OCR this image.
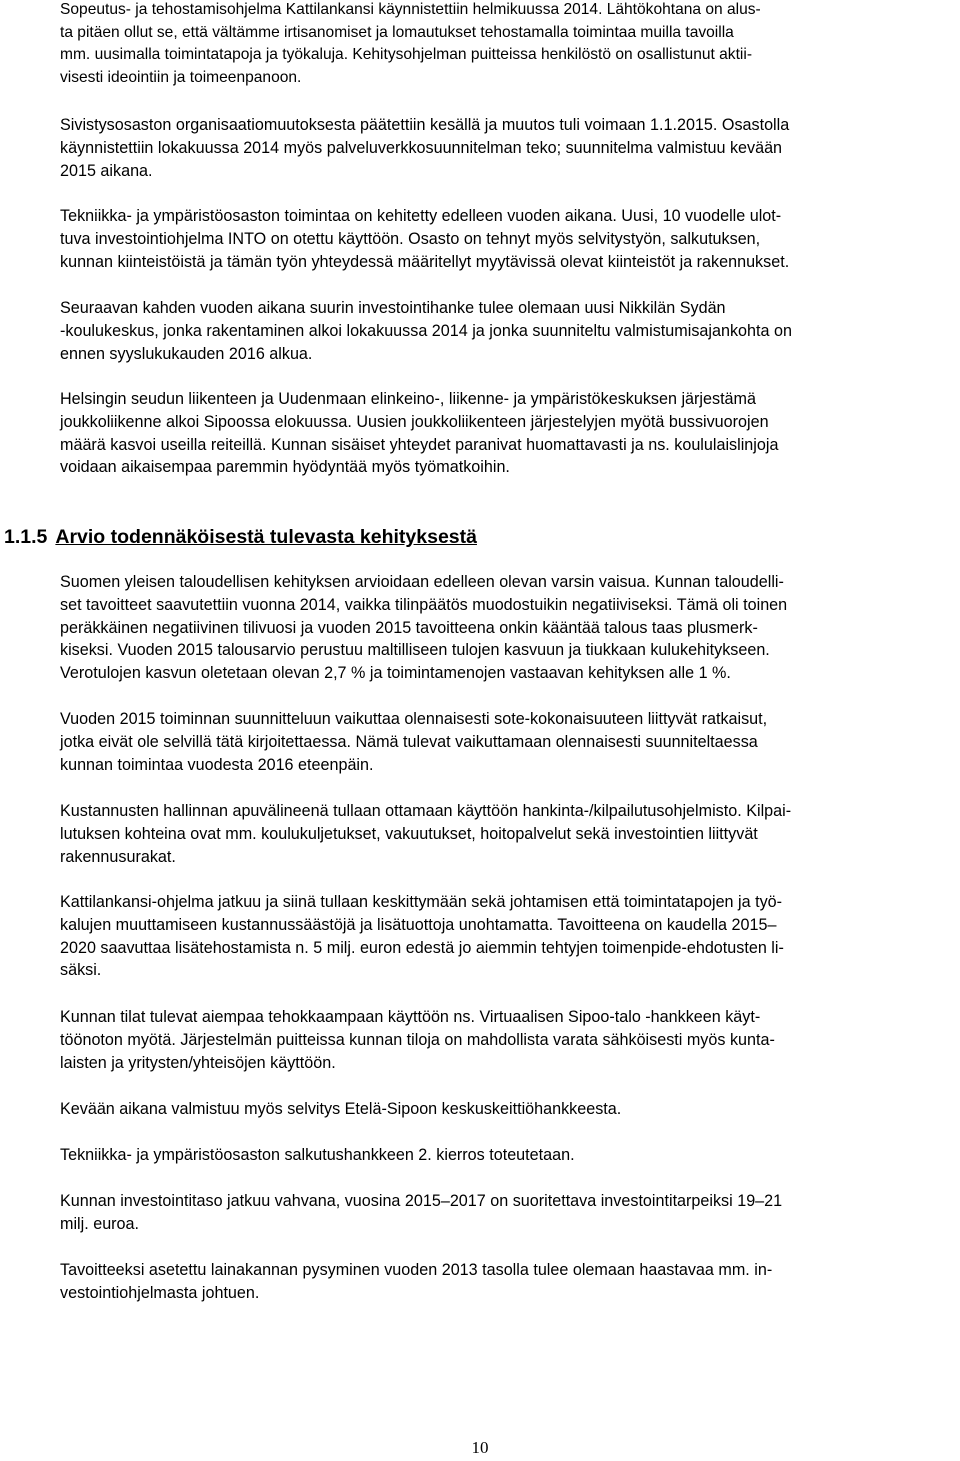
Sopeutus- ja tehostamisohjelma Kattilankansi käynnistettiin helmikuussa 2014. Lähtökohtana on alus-
ta pitäen ollut se, että vältämme irtisanomiset ja lomautukset tehostamalla toimintaa muilla tavoilla
mm. uusimalla toimintatapoja ja työkaluja. Kehitysohjelman puitteissa henkilöstö on osallistunut aktii-
visesti ideointiin ja toimeenpanoon.

Sivistysosaston organisaatiomuutoksesta päätettiin kesällä ja muutos tuli voimaan 1.1.2015. Osastolla
käynnistettiin lokakuussa 2014 myös palveluverkkosuunnitelman teko; suunnitelma valmistuu kevään
2015 aikana.

Tekniikka- ja ympäristöosaston toimintaa on kehitetty edelleen vuoden aikana. Uusi, 10 vuodelle ulot-
tuva investointiohjelma INTO on otettu käyttöön. Osasto on tehnyt myös selvitystyön, salkutuksen,
kunnan kiinteistöistä ja tämän työn yhteydessä määritellyt myytävissä olevat kiinteistöt ja rakennukset.

Seuraavan kahden vuoden aikana suurin investointihanke tulee olemaan uusi Nikkilän Sydän
-koulukeskus, jonka rakentaminen alkoi lokakuussa 2014 ja jonka suunniteltu valmistumisajankohta on
ennen syyslukukauden 2016 alkua.

Helsingin seudun liikenteen ja Uudenmaan elinkeino-, liikenne- ja ympäristökeskuksen järjestämä
joukkoliikenne alkoi Sipoossa elokuussa. Uusien joukkoliikenteen järjestelyjen myötä bussivuorojen
määrä kasvoi useilla reiteillä. Kunnan sisäiset yhteydet paranivat huomattavasti ja ns. koululaislinjoja
voidaan aikaisempaa paremmin hyödyntää myös työmatkoihin.

1.1.5 Arvio todennäköisestä tulevasta kehityksestä

Suomen yleisen taloudellisen kehityksen arvioidaan edelleen olevan varsin vaisua. Kunnan taloudelli-
set tavoitteet saavutettiin vuonna 2014, vaikka tilinpäätös muodostuikin negatiiviseksi. Tämä oli toinen
peräkkäinen negatiivinen tilivuosi ja vuoden 2015 tavoitteena onkin kääntää talous taas plusmerk-
kiseksi. Vuoden 2015 talousarvio perustuu maltilliseen tulojen kasvuun ja tiukkaan kulukehitykseen.
Verotulojen kasvun oletetaan olevan 2,7 % ja toimintamenojen vastaavan kehityksen alle 1 %.

Vuoden 2015 toiminnan suunnitteluun vaikuttaa olennaisesti sote-kokonaisuuteen liittyvät ratkaisut,
jotka eivät ole selvillä tätä kirjoitettaessa. Nämä tulevat vaikuttamaan olennaisesti suunniteltaessa
kunnan toimintaa vuodesta 2016 eteenpäin.

Kustannusten hallinnan apuvälineenä tullaan ottamaan käyttöön hankinta-/kilpailutusohjelmisto. Kilpai-
lutuksen kohteina ovat mm. koulukuljetukset, vakuutukset, hoitopalvelut sekä investointien liittyvät
rakennusurakat.

Kattilankansi-ohjelma jatkuu ja siinä tullaan keskittymään sekä johtamisen että toimintatapojen ja työ-
kalujen muuttamiseen kustannussäästöjä ja lisätuottoja unohtamatta. Tavoitteena on kaudella 2015–
2020 saavuttaa lisätehostamista n. 5 milj. euron edestä jo aiemmin tehtyjen toimenpide-ehdotusten li-
säksi.

Kunnan tilat tulevat aiempaa tehokkaampaan käyttöön ns. Virtuaalisen Sipoo-talo -hankkeen käyt-
töönoton myötä. Järjestelmän puitteissa kunnan tiloja on mahdollista varata sähköisesti myös kunta-
laisten ja yritysten/yhteisöjen käyttöön.

Kevään aikana valmistuu myös selvitys Etelä-Sipoon keskuskeittiöhankkeesta.

Tekniikka- ja ympäristöosaston salkutushankkeen 2. kierros toteutetaan.

Kunnan investointitaso jatkuu vahvana, vuosina 2015–2017 on suoritettava investointitarpeiksi 19–21
milj. euroa.

Tavoitteeksi asetettu lainakannan pysyminen vuoden 2013 tasolla tulee olemaan haastavaa mm. in-
vestointiohjelmasta johtuen.

10
